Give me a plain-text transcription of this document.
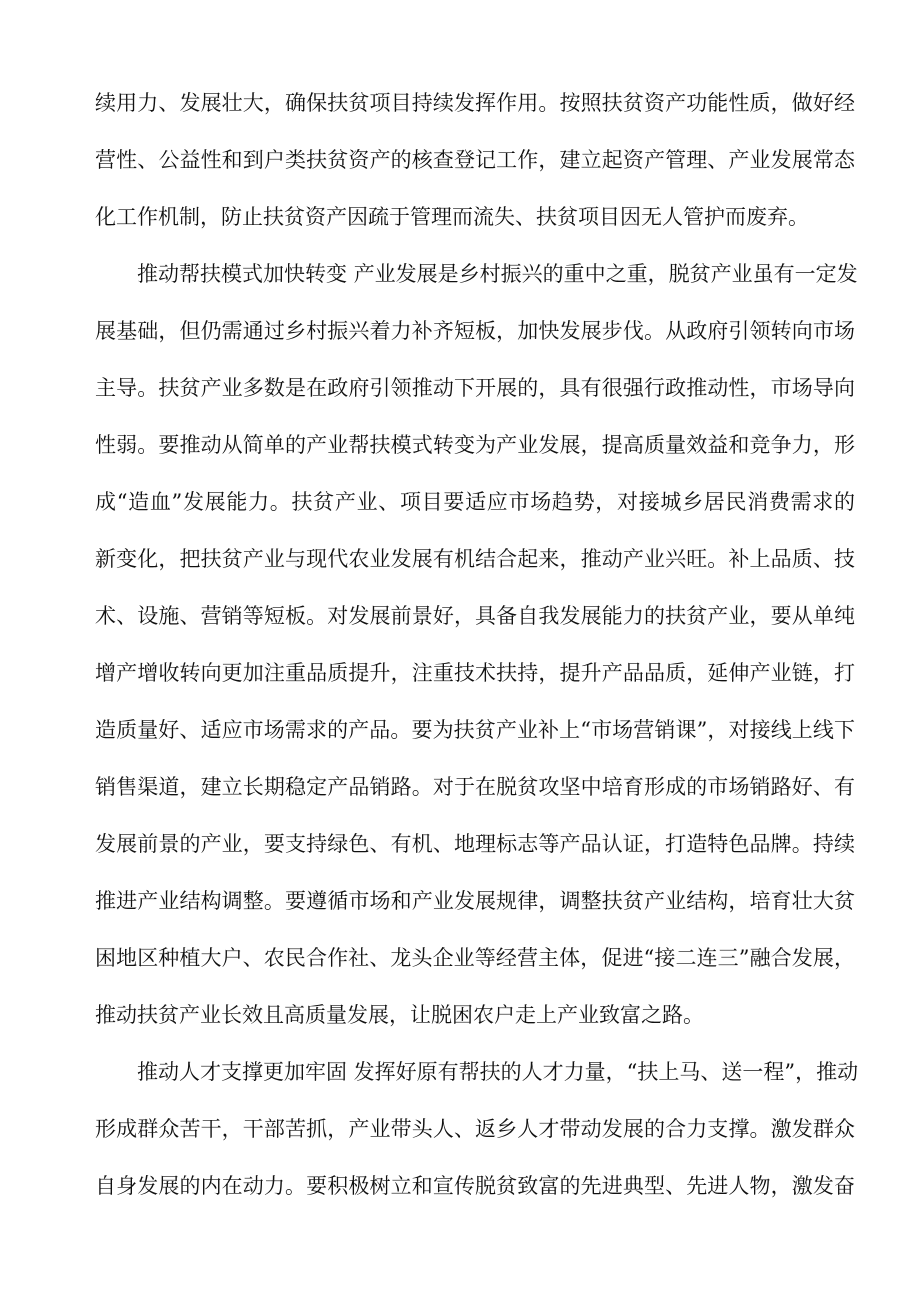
续用力、发展壮大，确保扶贫项目持续发挥作用。按照扶贫资产功能性质，做好经
营性、公益性和到户类扶贫资产的核查登记工作，建立起资产管理、产业发展常态
化工作机制，防止扶贫资产因疏于管理而流失、扶贫项目因无人管护而废弃。
推动帮扶模式加快转变 产业发展是乡村振兴的重中之重，脱贫产业虽有一定发
展基础，但仍需通过乡村振兴着力补齐短板，加快发展步伐。从政府引领转向市场
主导。扶贫产业多数是在政府引领推动下开展的，具有很强行政推动性，市场导向
性弱。要推动从简单的产业帮扶模式转变为产业发展，提高质量效益和竞争力，形
成“造血”发展能力。扶贫产业、项目要适应市场趋势，对接城乡居民消费需求的
新变化，把扶贫产业与现代农业发展有机结合起来，推动产业兴旺。补上品质、技
术、设施、营销等短板。对发展前景好，具备自我发展能力的扶贫产业，要从单纯
增产增收转向更加注重品质提升，注重技术扶持，提升产品品质，延伸产业链，打
造质量好、适应市场需求的产品。要为扶贫产业补上“市场营销课”，对接线上线下
销售渠道，建立长期稳定产品销路。对于在脱贫攻坚中培育形成的市场销路好、有
发展前景的产业，要支持绿色、有机、地理标志等产品认证，打造特色品牌。持续
推进产业结构调整。要遵循市场和产业发展规律，调整扶贫产业结构，培育壮大贫
困地区种植大户、农民合作社、龙头企业等经营主体，促进“接二连三”融合发展，
推动扶贫产业长效且高质量发展，让脱困农户走上产业致富之路。
推动人才支撑更加牢固 发挥好原有帮扶的人才力量，“扶上马、送一程”，推动
形成群众苦干，干部苦抓，产业带头人、返乡人才带动发展的合力支撑。激发群众
自身发展的内在动力。要积极树立和宣传脱贫致富的先进典型、先进人物，激发奋
